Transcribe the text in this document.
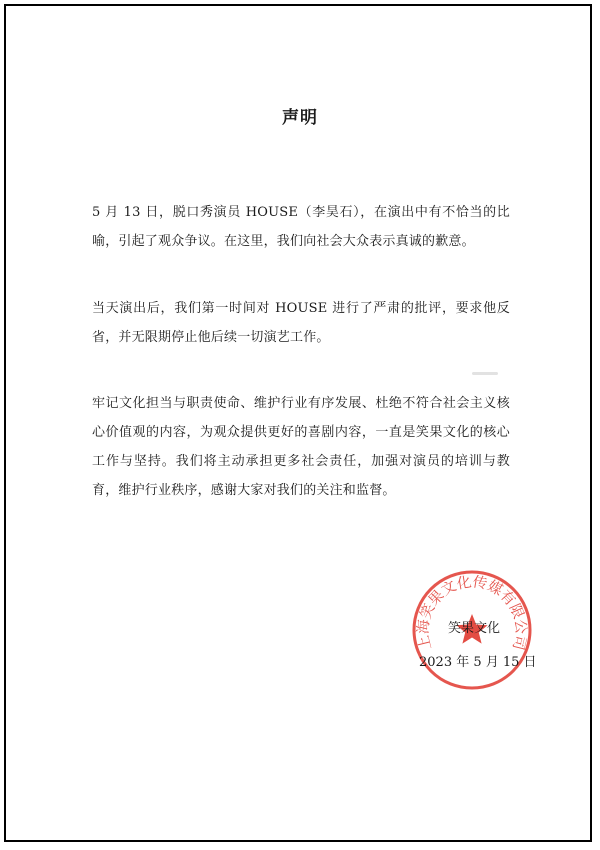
声明

5 月 13 日，脱口秀演员 HOUSE（李昊石），在演出中有不恰当的比喻，引起了观众争议。在这里，我们向社会大众表示真诚的歉意。

当天演出后，我们第一时间对 HOUSE 进行了严肃的批评，要求他反省，并无限期停止他后续一切演艺工作。

牢记文化担当与职责使命、维护行业有序发展、杜绝不符合社会主义核心价值观的内容，为观众提供更好的喜剧内容，一直是笑果文化的核心工作与坚持。我们将主动承担更多社会责任，加强对演员的培训与教育，维护行业秩序，感谢大家对我们的关注和监督。

上海笑果文化传媒有限公司
笑果文化
2023 年 5 月 15 日
